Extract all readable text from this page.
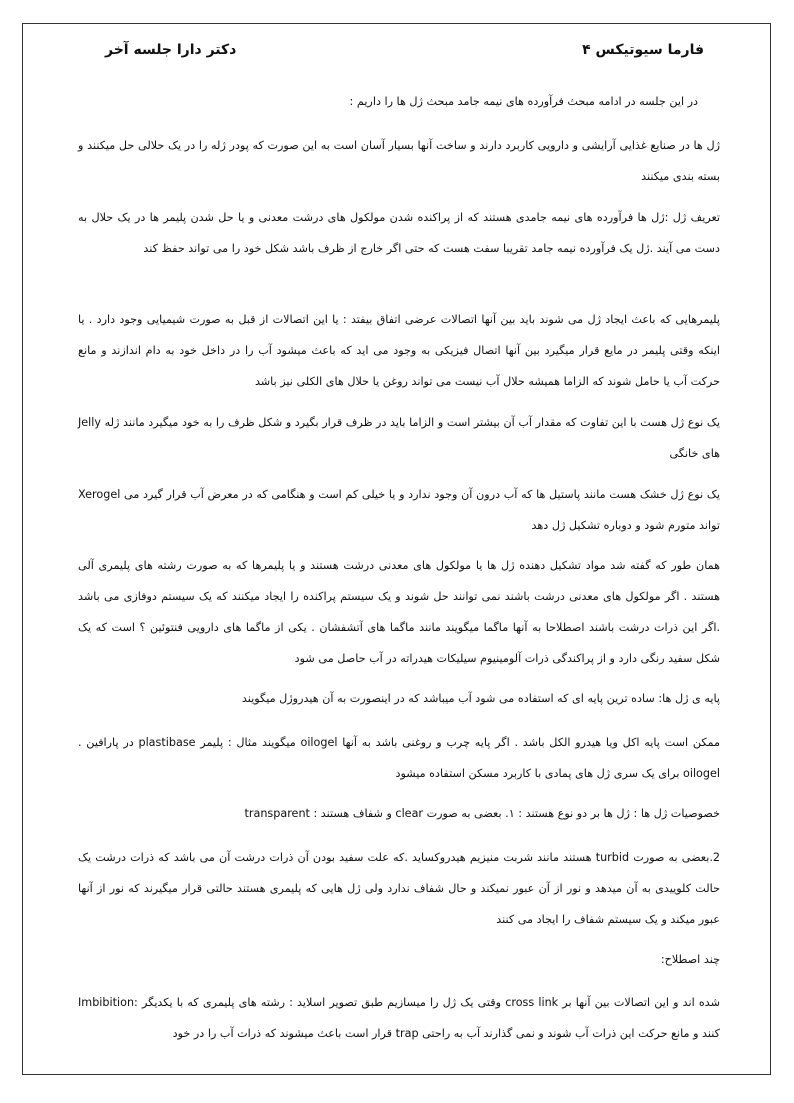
فارما سیوتیکس ۴
دکتر دارا جلسه آخر

در این جلسه در ادامه مبحث فرآورده های نیمه جامد مبحث ژل ها را داریم :

ژل ها در صنایع غذایی آرایشی و دارویی کاربرد دارند و ساخت آنها بسیار آسان است به این صورت که پودر ژله را در یک حلالی حل میکنند و بسته بندی میکنند

تعریف ژل :ژل ها فرآورده های نیمه جامدی هستند که از پراکنده شدن مولکول های درشت معدنی و یا حل شدن پلیمر ها در یک حلال به دست می آیند .ژل یک فرآورده نیمه جامد تقریبا سفت هست که حتی اگر خارج از ظرف باشد شکل خود را می تواند حفظ کند

پلیمرهایی که باعث ایجاد ژل می شوند باید بین آنها اتصالات عرضی اتفاق بیفتد : یا این اتصالات از قبل به صورت شیمیایی وجود دارد . یا اینکه وقتی پلیمر در مایع قرار میگیرد بین آنها اتصال فیزیکی به وجود می اید که باعث میشود آب را در داخل خود به دام اندازند و مانع حرکت آب یا حامل شوند که الزاما همیشه حلال آب نیست می تواند روغن یا حلال های الکلی نیز باشد

Jelly یک نوع ژل هست با این تفاوت که مقدار آب آن بیشتر است و الزاما باید در ظرف قرار بگیرد و شکل ظرف را به خود میگیرد مانند ژله های خانگی

Xerogel یک نوع ژل خشک هست مانند پاستیل ها که آب درون آن وجود ندارد و یا خیلی کم است و هنگامی که در معرض آب قرار گیرد می تواند متورم شود و دوباره تشکیل ژل دهد

همان طور که گفته شد مواد تشکیل دهنده ژل ها یا مولکول های معدنی درشت هستند و یا پلیمرها که به صورت رشته های پلیمری آلی هستند . اگر مولکول های معدنی درشت باشند نمی توانند حل شوند و یک سیستم پراکنده را ایجاد میکنند که یک سیستم دوفازی می باشد .اگر این ذرات درشت باشند اصطلاحا به آنها ماگما میگویند مانند ماگما های آتشفشان . یکی از ماگما های دارویی فنتوئین ؟ است که یک شکل سفید رنگی دارد و از پراکندگی ذرات آلومینیوم سیلیکات هیدراته در آب حاصل می شود

پایه ی ژل ها: ساده ترین پایه ای که استفاده می شود آب میباشد که در اینصورت به آن هیدروژل میگویند

ممکن است پایه اکل ویا هیدرو الکل باشد . اگر پایه چرب و روغنی باشد به آنها oilogel میگویند مثال : پلیمر plastibase در پارافین . oilogel برای یک سری ژل های پمادی با کاربرد مسکن استفاده میشود

خصوصیات ژل ها : ژل ها بر دو نوع هستند : ۱. بعضی به صورت clear و شفاف هستند : transparent

2.بعضی به صورت turbid هستند مانند شربت منیزیم هیدروکساید .که علت سفید بودن آن ذرات درشت آن می باشد که ذرات درشت یک حالت کلوییدی به آن میدهد و نور از آن عبور نمیکند و حال شفاف ندارد ولی ژل هایی که پلیمری هستند حالتی قرار میگیرند که نور از آنها عبور میکند و یک سیستم شفاف را ایجاد می کنند

چند اصطلاح:

Imbibition: وقتی یک ژل را میسازیم طبق تصویر اسلاید : رشته های پلیمری که با یکدیگر cross link شده اند و این اتصالات بین آنها بر قرار است باعث میشوند که ذرات آب را در خود trap کنند و مانع حرکت این ذرات آب شوند و نمی گذارند آب به راحتی
